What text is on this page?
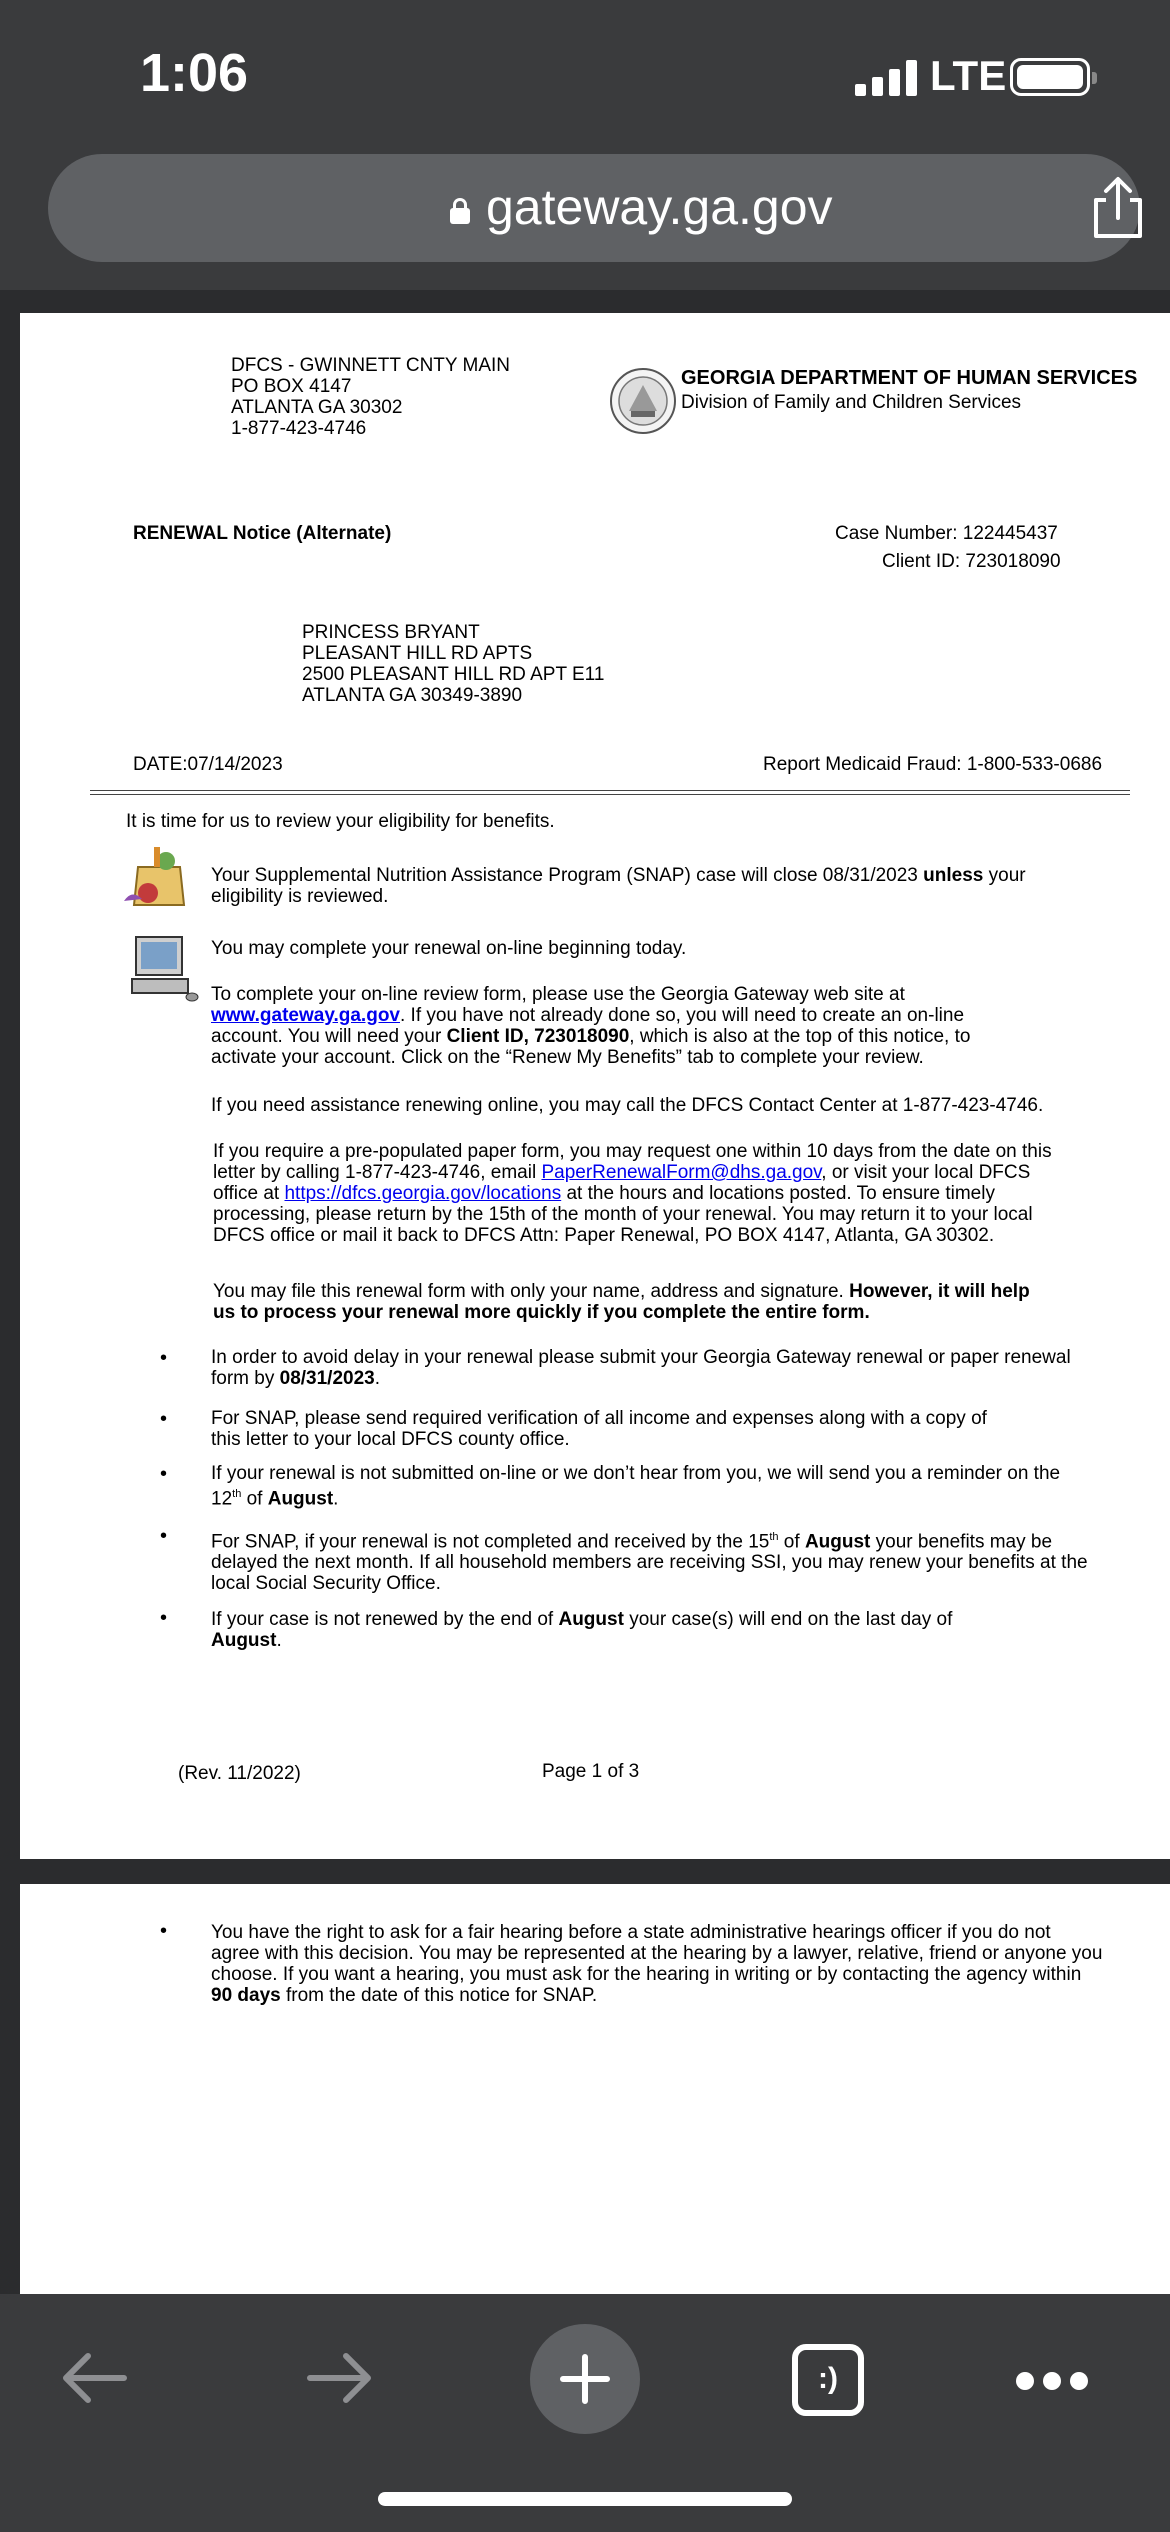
1:06	LTE
gateway.ga.gov
DFCS - GWINNETT CNTY MAIN
PO BOX 4147
ATLANTA GA 30302
1-877-423-4746
GEORGIA DEPARTMENT OF HUMAN SERVICES
Division of Family and Children Services
RENEWAL Notice (Alternate)	Case Number: 122445437
Client ID: 723018090
PRINCESS BRYANT
PLEASANT HILL RD APTS
2500 PLEASANT HILL RD APT E11
ATLANTA GA 30349-3890
DATE:07/14/2023	Report Medicaid Fraud: 1-800-533-0686
It is time for us to review your eligibility for benefits.
Your Supplemental Nutrition Assistance Program (SNAP) case will close 08/31/2023 unless your
eligibility is reviewed.
You may complete your renewal on-line beginning today.
To complete your on-line review form, please use the Georgia Gateway web site at
www.gateway.ga.gov. If you have not already done so, you will need to create an on-line
account. You will need your Client ID, 723018090, which is also at the top of this notice, to
activate your account. Click on the “Renew My Benefits” tab to complete your review.
If you need assistance renewing online, you may call the DFCS Contact Center at 1-877-423-4746.
If you require a pre-populated paper form, you may request one within 10 days from the date on this
letter by calling 1-877-423-4746, email PaperRenewalForm@dhs.ga.gov, or visit your local DFCS
office at https://dfcs.georgia.gov/locations at the hours and locations posted. To ensure timely
processing, please return by the 15th of the month of your renewal. You may return it to your local
DFCS office or mail it back to DFCS Attn: Paper Renewal, PO BOX 4147, Atlanta, GA 30302.
You may file this renewal form with only your name, address and signature. However, it will help
us to process your renewal more quickly if you complete the entire form.
• In order to avoid delay in your renewal please submit your Georgia Gateway renewal or paper renewal
form by 08/31/2023.
• For SNAP, please send required verification of all income and expenses along with a copy of
this letter to your local DFCS county office.
• If your renewal is not submitted on-line or we don’t hear from you, we will send you a reminder on the
12th of August.
• For SNAP, if your renewal is not completed and received by the 15th of August your benefits may be
delayed the next month. If all household members are receiving SSI, you may renew your benefits at the
local Social Security Office.
• If your case is not renewed by the end of August your case(s) will end on the last day of
August.
(Rev. 11/2022)	Page 1 of 3
• You have the right to ask for a fair hearing before a state administrative hearings officer if you do not
agree with this decision. You may be represented at the hearing by a lawyer, relative, friend or anyone you
choose. If you want a hearing, you must ask for the hearing in writing or by contacting the agency within
90 days from the date of this notice for SNAP.
:)
